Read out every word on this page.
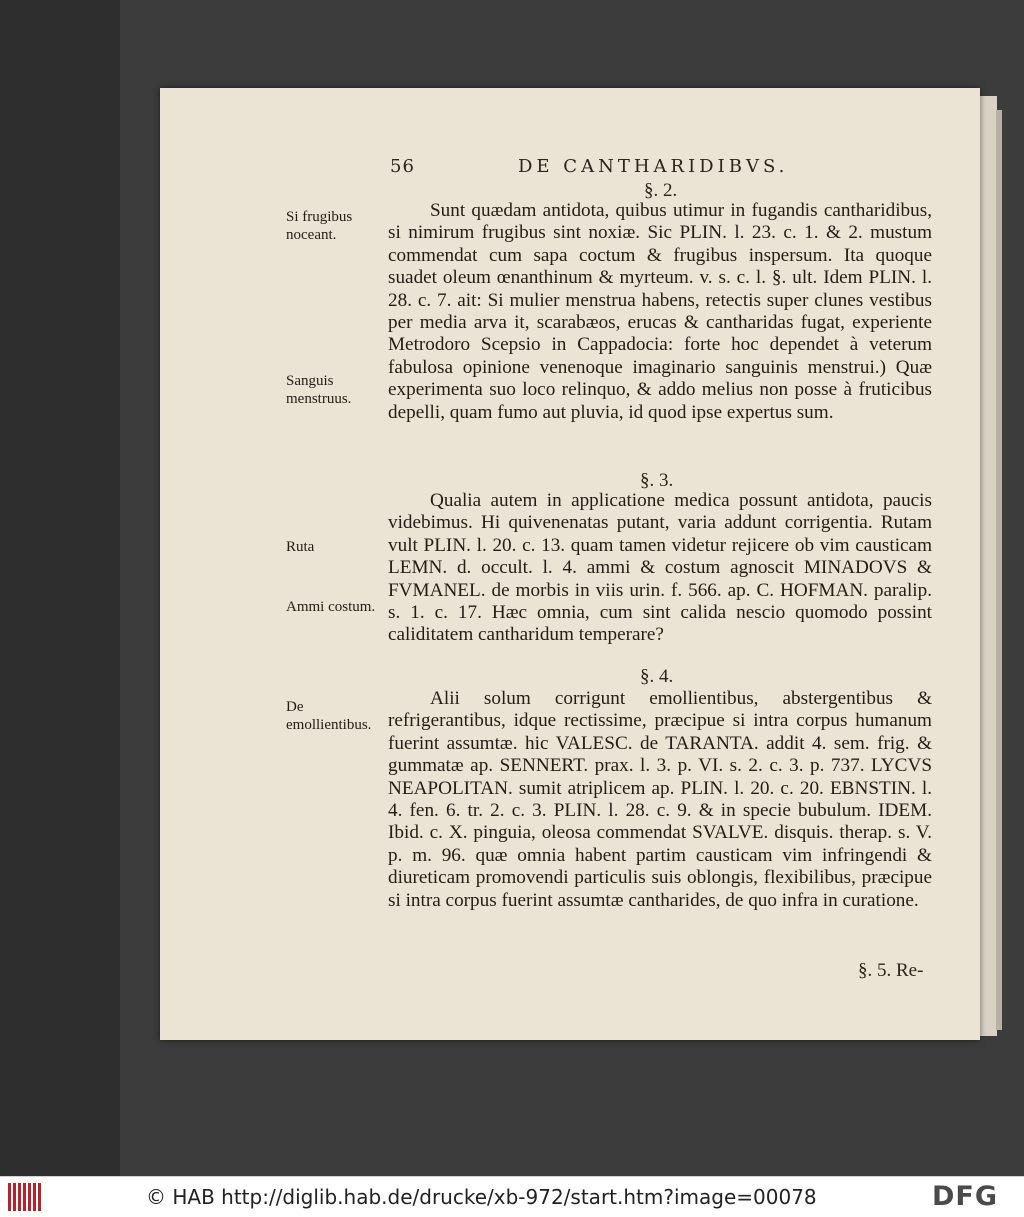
56	DE CANTHARIDIBVS.
§. 2.
Si frugibus noceant.
Sanguis menstruus.

Sunt quædam antidota, quibus utimur in fugandis cantharidibus, si nimirum frugibus sint noxiæ. Sic PLIN. l. 23. c. 1. & 2. mustum commendat cum sapa coctum & frugibus inspersum. Ita quoque suadet oleum œnanthinum & myrteum. v. s. c. l. §. ult. Idem PLIN. l. 28. c. 7. ait: Si mulier menstrua habens, retectis super clunes vestibus per media arva it, scarabæos, erucas & cantharidas fugat, experiente Metrodoro Scepsio in Cappadocia: forte hoc dependet à veterum fabulosa opinione venenoque imaginario sanguinis menstrui.) Quæ experimenta suo loco relinquo, & addo melius non posse à fruticibus depelli, quam fumo aut pluvia, id quod ipse expertus sum.

§. 3.
Ruta
Ammi costum.

Qualia autem in applicatione medica possunt antidota, paucis videbimus. Hi quivenenatas putant, varia addunt corrigentia. Rutam vult PLIN. l. 20. c. 13. quam tamen videtur rejicere ob vim causticam LEMN. d. occult. l. 4. ammi & costum agnoscit MINADOVS & FVMANEL. de morbis in viis urin. f. 566. ap. C. HOFMAN. paralip. s. 1. c. 17. Hæc omnia, cum sint calida nescio quomodo possint caliditatem cantharidum temperare?

§. 4.
De emollientibus.

Alii solum corrigunt emollientibus, abstergentibus & refrigerantibus, idque rectissime, præcipue si intra corpus humanum fuerint assumtæ. hic VALESC. de TARANTA. addit 4. sem. frig. & gummatæ ap. SENNERT. prax. l. 3. p. VI. s. 2. c. 3. p. 737. LYCVS NEAPOLITAN. sumit atriplicem ap. PLIN. l. 20. c. 20. EBNSTIN. l. 4. fen. 6. tr. 2. c. 3. PLIN. l. 28. c. 9. & in specie bubulum. IDEM. Ibid. c. X. pinguia, oleosa commendat SVALVE. disquis. therap. s. V. p. m. 96. quæ omnia habent partim causticam vim infringendi & diureticam promovendi particulis suis oblongis, flexibilibus, præcipue si intra corpus fuerint assumtæ cantharides, de quo infra in curatione.

§. 5. Re-
© HAB http://diglib.hab.de/drucke/xb-972/start.htm?image=00078	DFG
